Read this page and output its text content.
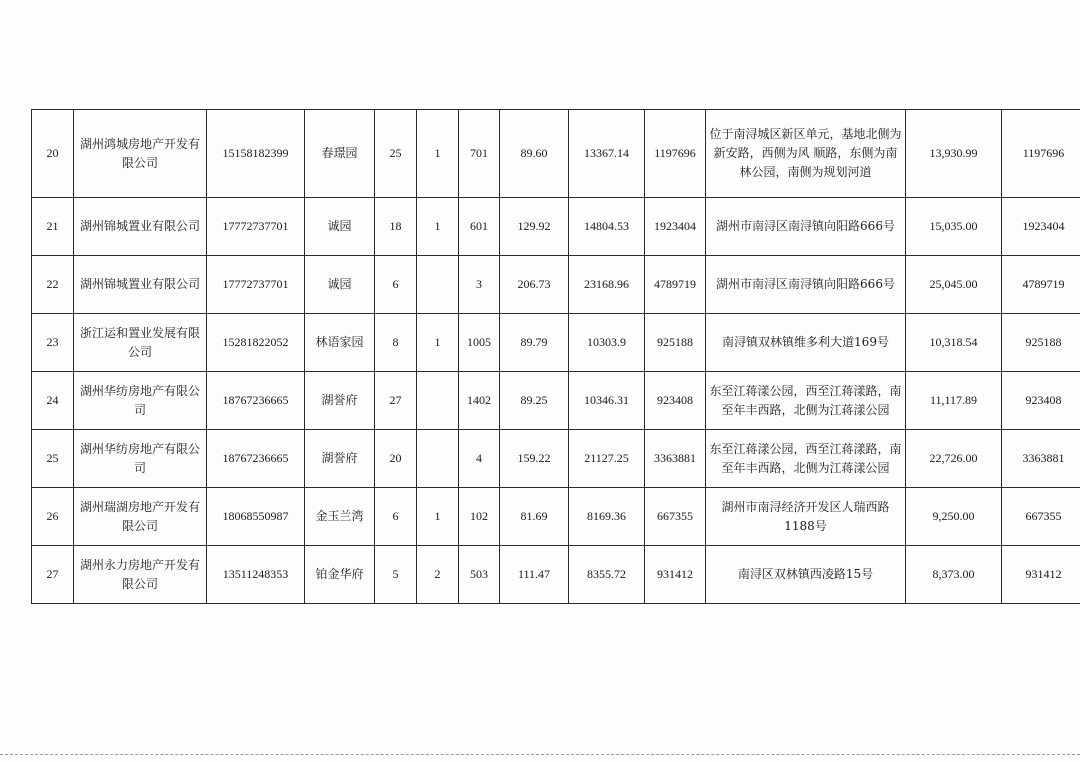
20	湖州鸿城房地产开发有限公司	15158182399	春璟园	25	1	701	89.60	13367.14	1197696	位于南浔城区新区单元，基地北侧为新安路，西侧为风 顺路，东侧为南林公园，南侧为规划河道	13,930.99	1197696
21	湖州锦城置业有限公司	17772737701	诚园	18	1	601	129.92	14804.53	1923404	湖州市南浔区南浔镇向阳路666号	15,035.00	1923404
22	湖州锦城置业有限公司	17772737701	诚园	6		3	206.73	23168.96	4789719	湖州市南浔区南浔镇向阳路666号	25,045.00	4789719
23	浙江运和置业发展有限公司	15281822052	林语家园	8	1	1005	89.79	10303.9	925188	南浔镇双林镇维多利大道169号	10,318.54	925188
24	湖州华纺房地产有限公司	18767236665	湖誉府	27		1402	89.25	10346.31	923408	东至江蒋漾公园，西至江蒋漾路，南至年丰西路，北侧为江蒋漾公园	11,117.89	923408
25	湖州华纺房地产有限公司	18767236665	湖誉府	20		4	159.22	21127.25	3363881	东至江蒋漾公园，西至江蒋漾路，南至年丰西路，北侧为江蒋漾公园	22,726.00	3363881
26	湖州瑞湖房地产开发有限公司	18068550987	金玉兰湾	6	1	102	81.69	8169.36	667355	湖州市南浔经济开发区人瑞西路1188号	9,250.00	667355
27	湖州永力房地产开发有限公司	13511248353	铂金华府	5	2	503	111.47	8355.72	931412	南浔区双林镇西凌路15号	8,373.00	931412
